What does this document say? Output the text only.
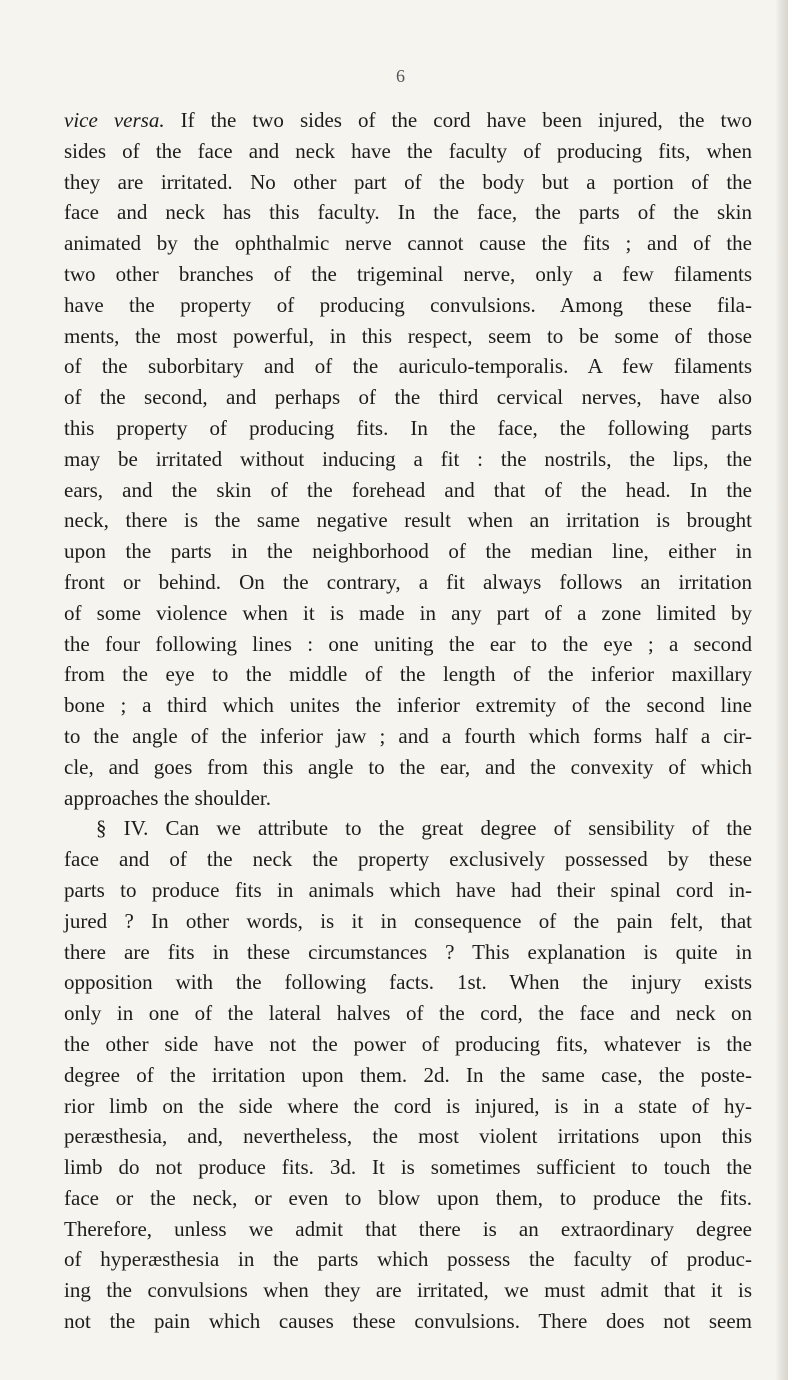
6
vice versa. If the two sides of the cord have been injured, the two
sides of the face and neck have the faculty of producing fits, when
they are irritated. No other part of the body but a portion of the
face and neck has this faculty. In the face, the parts of the skin
animated by the ophthalmic nerve cannot cause the fits ; and of the
two other branches of the trigeminal nerve, only a few filaments
have the property of producing convulsions. Among these fila-
ments, the most powerful, in this respect, seem to be some of those
of the suborbitary and of the auriculo-temporalis. A few filaments
of the second, and perhaps of the third cervical nerves, have also
this property of producing fits. In the face, the following parts
may be irritated without inducing a fit : the nostrils, the lips, the
ears, and the skin of the forehead and that of the head. In the
neck, there is the same negative result when an irritation is brought
upon the parts in the neighborhood of the median line, either in
front or behind. On the contrary, a fit always follows an irritation
of some violence when it is made in any part of a zone limited by
the four following lines : one uniting the ear to the eye ; a second
from the eye to the middle of the length of the inferior maxillary
bone ; a third which unites the inferior extremity of the second line
to the angle of the inferior jaw ; and a fourth which forms half a cir-
cle, and goes from this angle to the ear, and the convexity of which
approaches the shoulder.
§ IV. Can we attribute to the great degree of sensibility of the
face and of the neck the property exclusively possessed by these
parts to produce fits in animals which have had their spinal cord in-
jured ? In other words, is it in consequence of the pain felt, that
there are fits in these circumstances ? This explanation is quite in
opposition with the following facts. 1st. When the injury exists
only in one of the lateral halves of the cord, the face and neck on
the other side have not the power of producing fits, whatever is the
degree of the irritation upon them. 2d. In the same case, the poste-
rior limb on the side where the cord is injured, is in a state of hy-
peræsthesia, and, nevertheless, the most violent irritations upon this
limb do not produce fits. 3d. It is sometimes sufficient to touch the
face or the neck, or even to blow upon them, to produce the fits.
Therefore, unless we admit that there is an extraordinary degree
of hyperæsthesia in the parts which possess the faculty of produc-
ing the convulsions when they are irritated, we must admit that it is
not the pain which causes these convulsions. There does not seem
